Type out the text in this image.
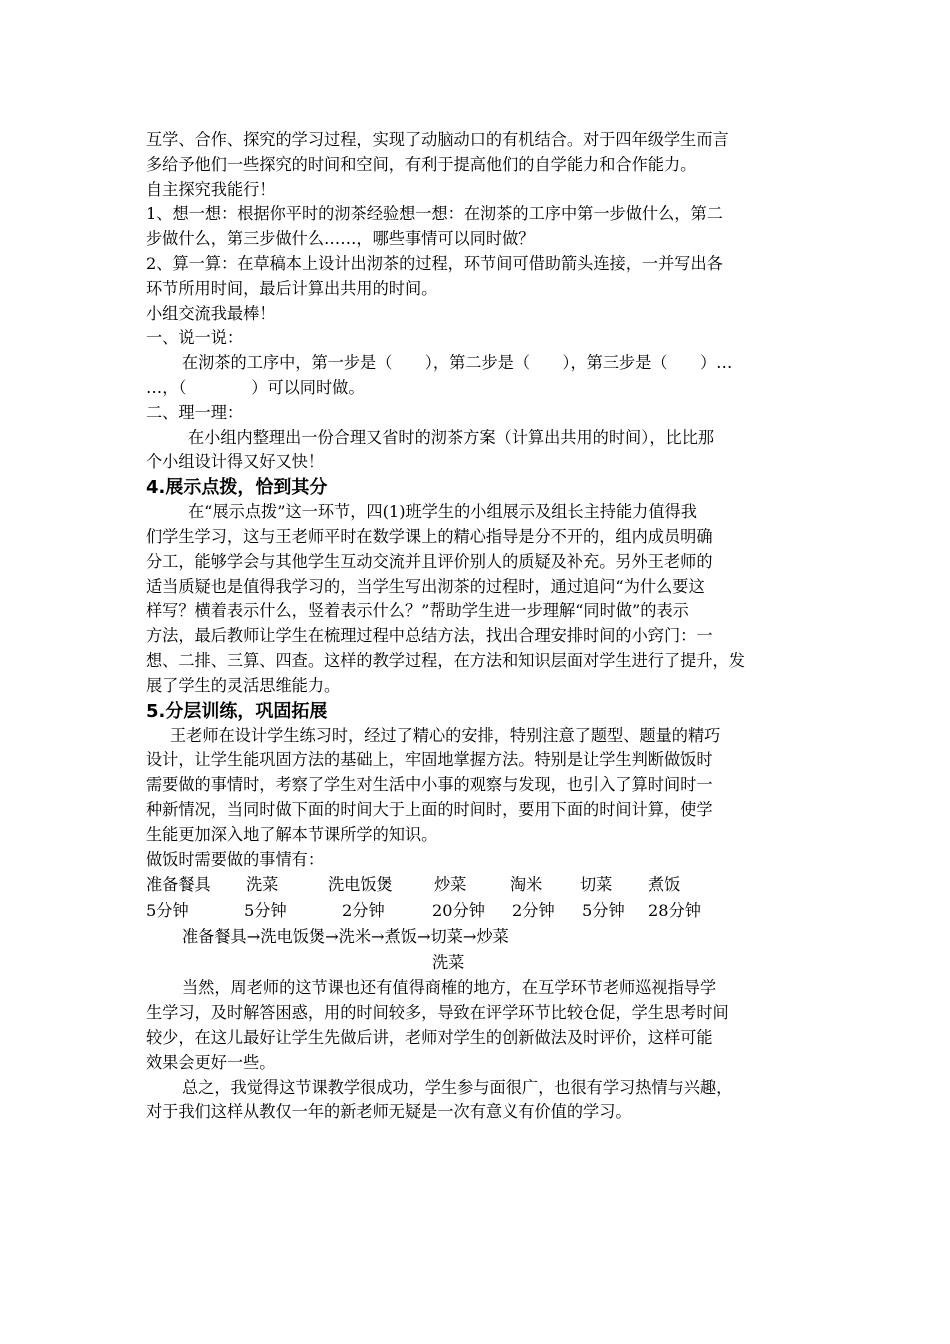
互学、合作、探究的学习过程，实现了动脑动口的有机结合。对于四年级学生而言
多给予他们一些探究的时间和空间，有利于提高他们的自学能力和合作能力。
自主探究我能行！
1、想一想：根据你平时的沏茶经验想一想：在沏茶的工序中第一步做什么，第二
步做什么，第三步做什么……，哪些事情可以同时做？
2、算一算：在草稿本上设计出沏茶的过程，环节间可借助箭头连接，一并写出各
环节所用时间，最后计算出共用的时间。
小组交流我最棒！
一、说一说：
在沏茶的工序中，第一步是（　　），第二步是（　　），第三步是（　　）…
…，（　　　　）可以同时做。
二、理一理：
在小组内整理出一份合理又省时的沏茶方案（计算出共用的时间），比比那
个小组设计得又好又快！
4.展示点拨，恰到其分
在“展示点拨”这一环节，四(1)班学生的小组展示及组长主持能力值得我
们学生学习，这与王老师平时在数学课上的精心指导是分不开的，组内成员明确
分工，能够学会与其他学生互动交流并且评价别人的质疑及补充。另外王老师的
适当质疑也是值得我学习的，当学生写出沏茶的过程时，通过追问“为什么要这
样写？横着表示什么，竖着表示什么？”帮助学生进一步理解“同时做”的表示
方法，最后教师让学生在梳理过程中总结方法，找出合理安排时间的小窍门：一
想、二排、三算、四查。这样的教学过程，在方法和知识层面对学生进行了提升，发
展了学生的灵活思维能力。
5.分层训练，巩固拓展
王老师在设计学生练习时，经过了精心的安排，特别注意了题型、题量的精巧
设计，让学生能巩固方法的基础上，牢固地掌握方法。特别是让学生判断做饭时
需要做的事情时，考察了学生对生活中小事的观察与发现，也引入了算时间时一
种新情况，当同时做下面的时间大于上面的时间时，要用下面的时间计算，使学
生能更加深入地了解本节课所学的知识。
做饭时需要做的事情有：
准备餐具	洗菜	洗电饭煲	炒菜	淘米	切菜	煮饭
5分钟	5分钟	2分钟	20分钟	2分钟	5分钟	28分钟
准备餐具→洗电饭煲→洗米→煮饭→切菜→炒菜
洗菜
当然，周老师的这节课也还有值得商榷的地方，在互学环节老师巡视指导学
生学习，及时解答困惑，用的时间较多，导致在评学环节比较仓促，学生思考时间
较少，在这儿最好让学生先做后讲，老师对学生的创新做法及时评价，这样可能
效果会更好一些。
总之，我觉得这节课教学很成功，学生参与面很广，也很有学习热情与兴趣，
对于我们这样从教仅一年的新老师无疑是一次有意义有价值的学习。
